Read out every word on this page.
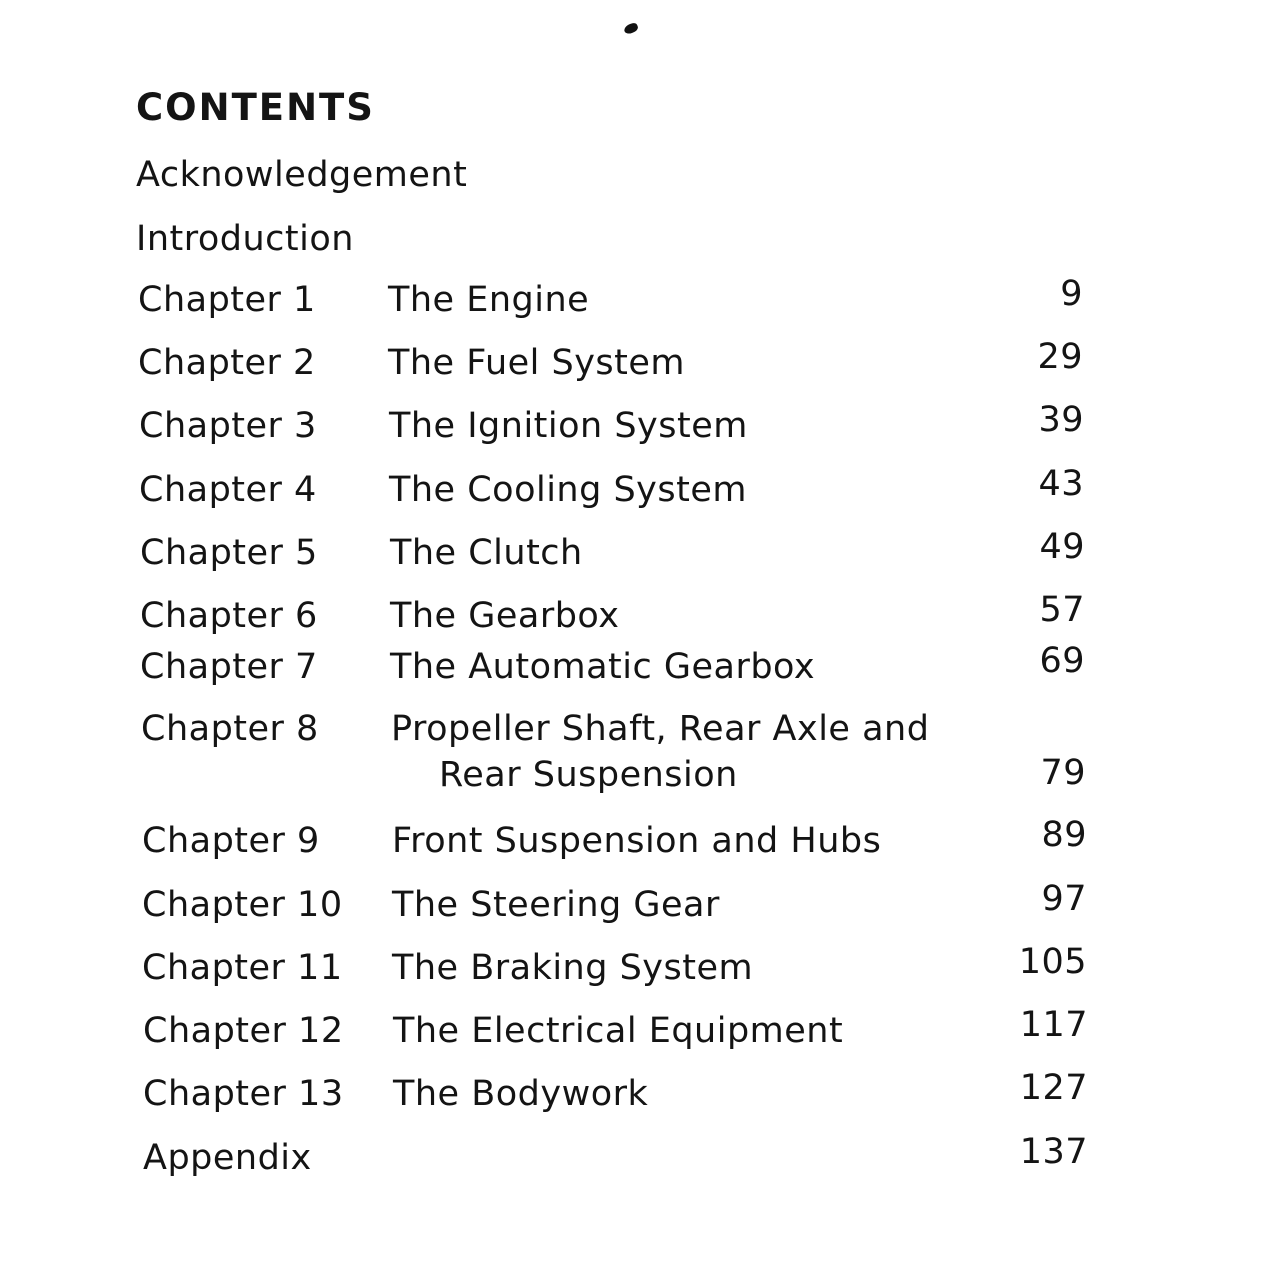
CONTENTS
Acknowledgement
Introduction
Chapter 1 The Engine	9
Chapter 2 The Fuel System	29
Chapter 3 The Ignition System	39
Chapter 4 The Cooling System	43
Chapter 5 The Clutch	49
Chapter 6 The Gearbox	57
Chapter 7 The Automatic Gearbox	69
Chapter 8 Propeller Shaft, Rear Axle and
Rear Suspension	79
Chapter 9 Front Suspension and Hubs	89
Chapter 10 The Steering Gear	97
Chapter 11 The Braking System	105
Chapter 12 The Electrical Equipment	117
Chapter 13 The Bodywork	127
Appendix	137
